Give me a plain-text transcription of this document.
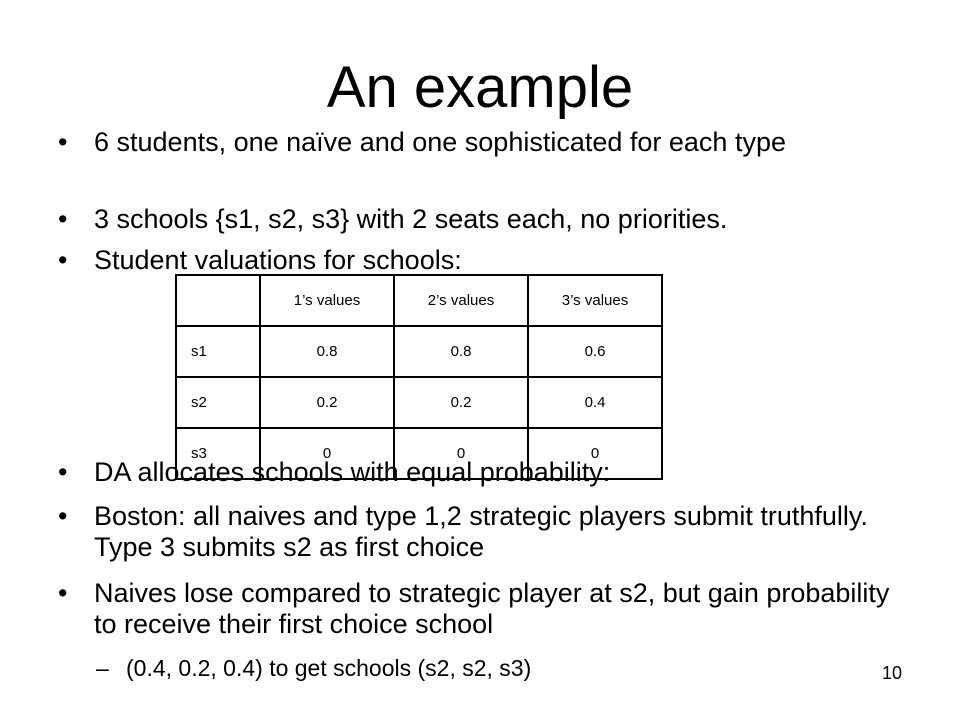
An example
• 6 students, one naïve and one sophisticated for each type
• 3 schools {s1, s2, s3} with 2 seats each, no priorities.
• Student valuations for schools:
	1’s values	2’s values	3’s values
s1	0.8	0.8	0.6
s2	0.2	0.2	0.4
s3	0	0	0
• DA allocates schools with equal probability:
• Boston: all naives and type 1,2 strategic players submit truthfully. Type 3 submits s2 as first choice
• Naives lose compared to strategic player at s2, but gain probability to receive their first choice school
– (0.4, 0.2, 0.4) to get schools (s2, s2, s3)	10
